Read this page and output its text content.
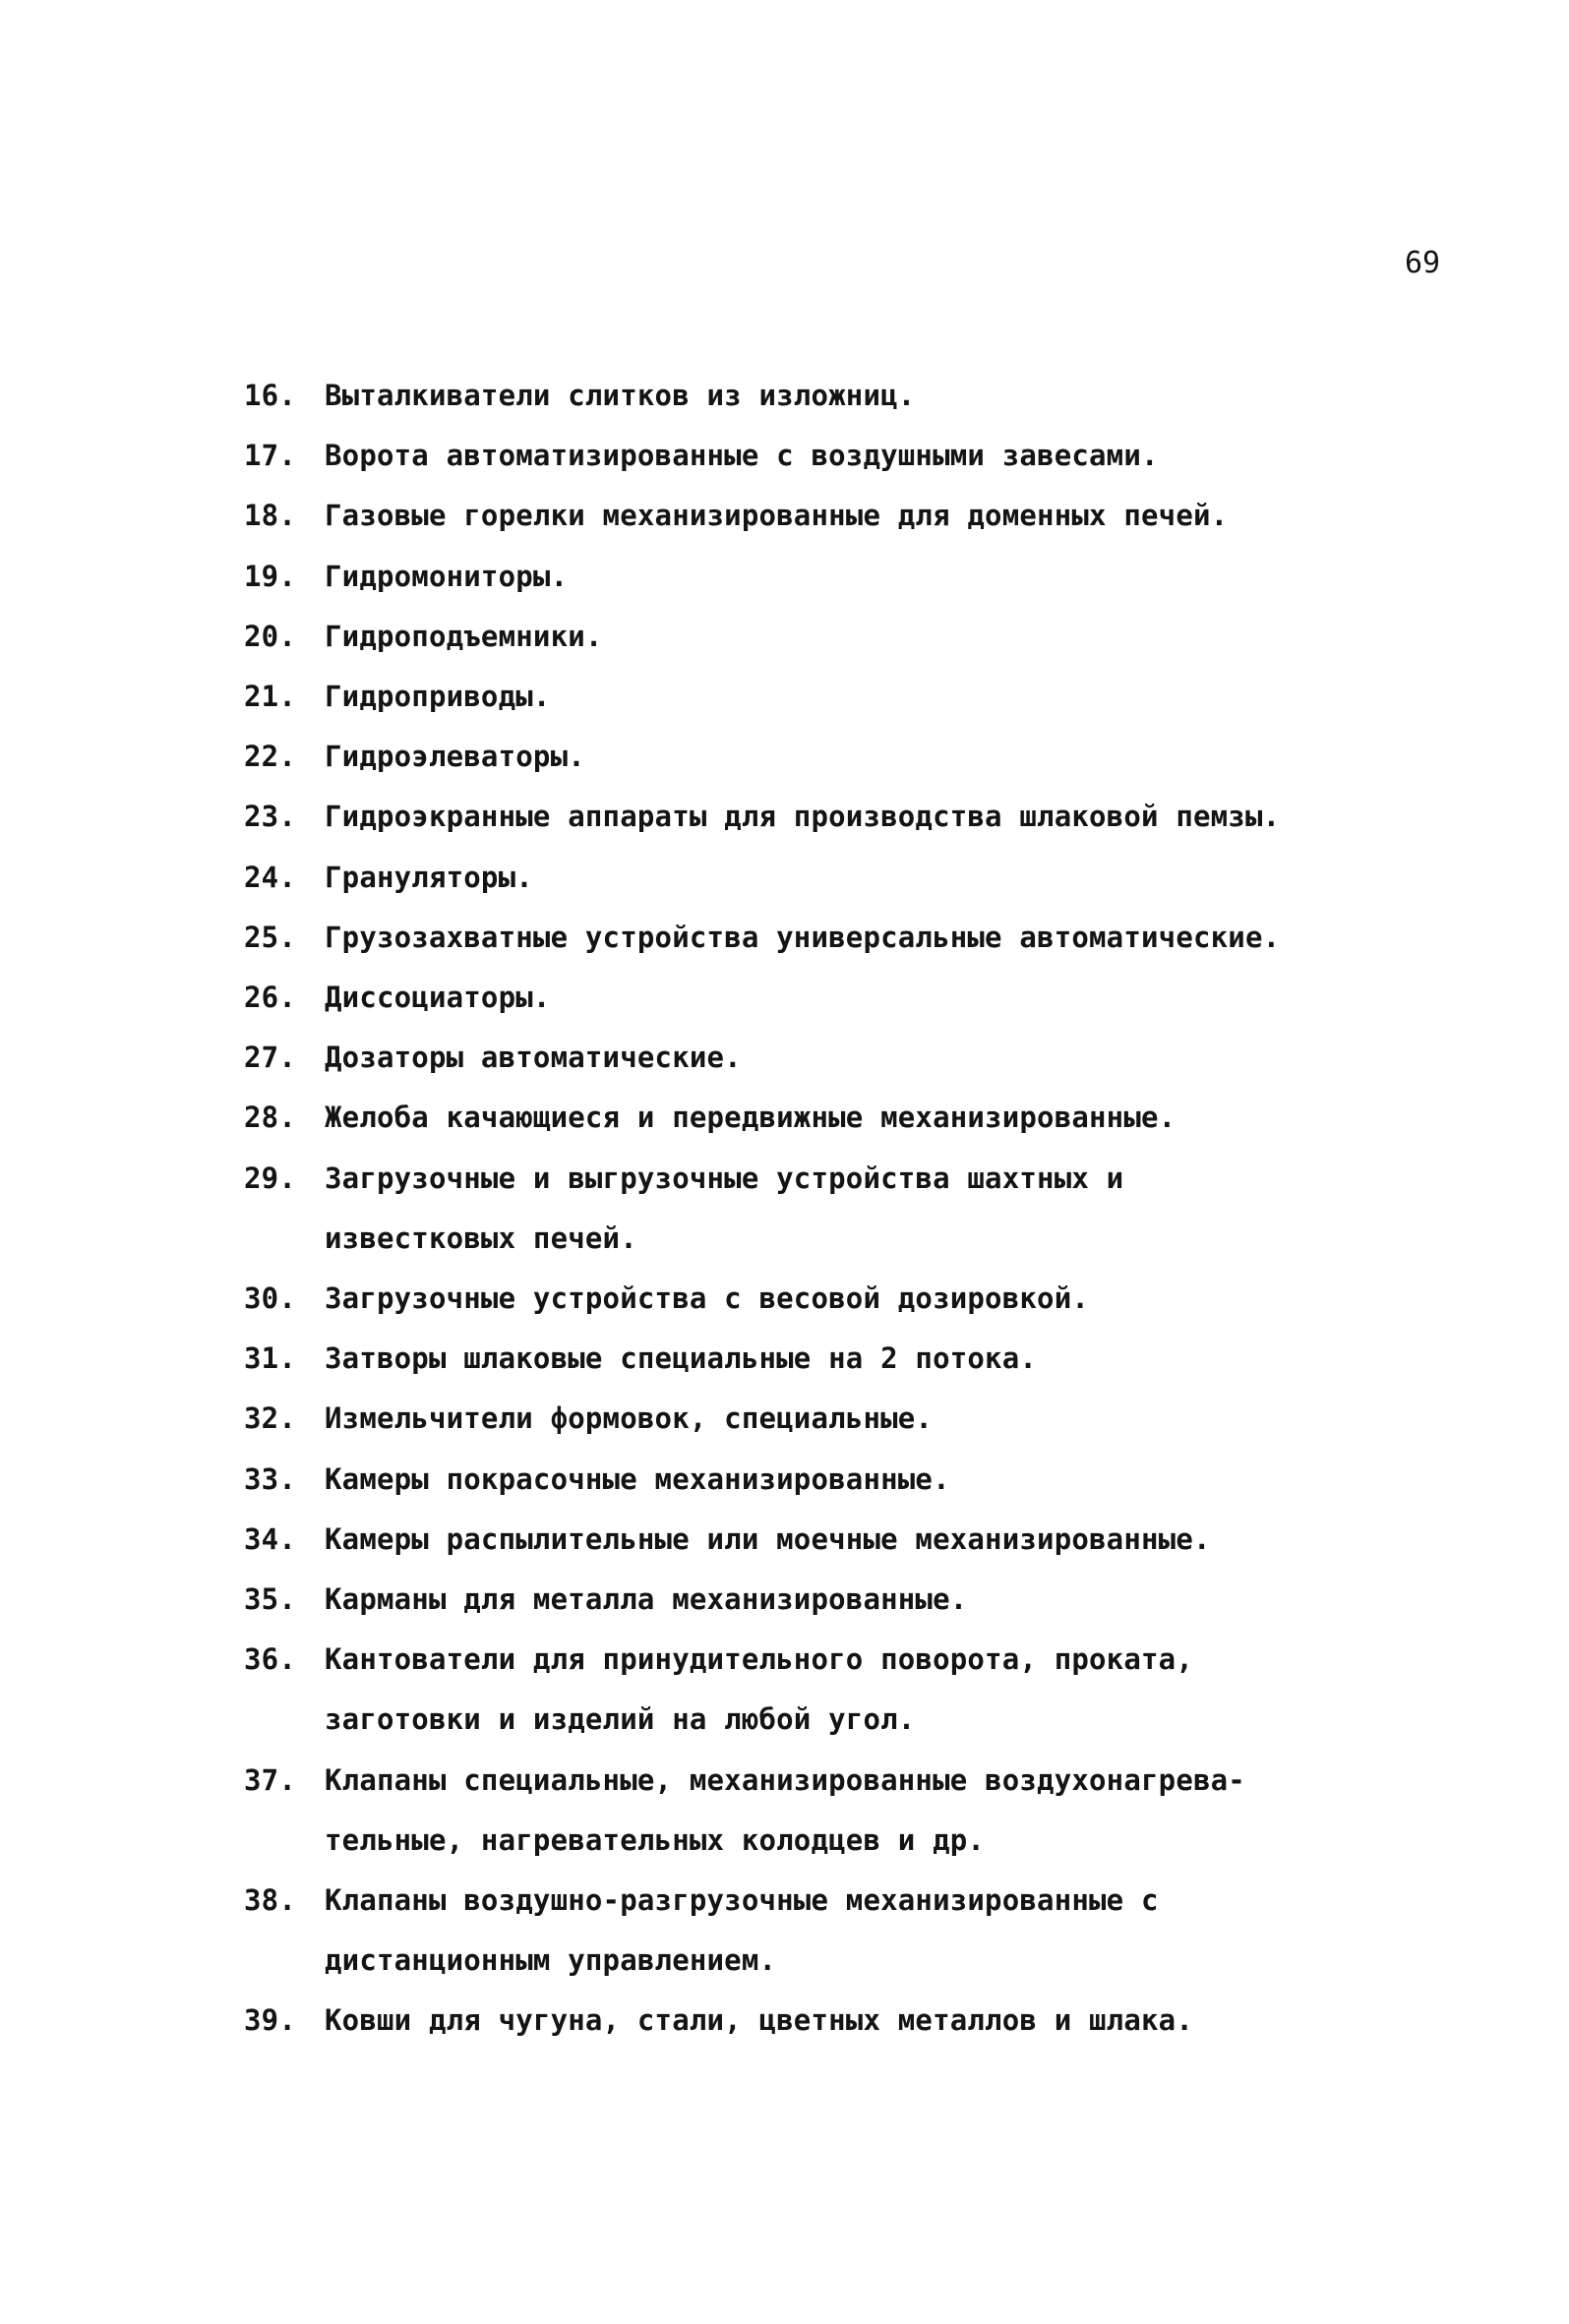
69
16.	Выталкиватели слитков из изложниц.
17.	Ворота автоматизированные с воздушными завесами.
18.	Газовые горелки механизированные для доменных печей.
19.	Гидромониторы.
20.	Гидроподъемники.
21.	Гидроприводы.
22.	Гидроэлеваторы.
23.	Гидроэкранные аппараты для производства шлаковой пемзы.
24.	Грануляторы.
25.	Грузозахватные устройства универсальные автоматические.
26.	Диссоциаторы.
27.	Дозаторы автоматические.
28.	Желоба качающиеся и передвижные механизированные.
29.	Загрузочные и выгрузочные устройства шахтных и
известковых печей.
30.	Загрузочные устройства с весовой дозировкой.
31.	Затворы шлаковые специальные на 2 потока.
32.	Измельчители формовок, специальные.
33.	Камеры покрасочные механизированные.
34.	Камеры распылительные или моечные механизированные.
35.	Карманы для металла механизированные.
36.	Кантователи для принудительного поворота, проката,
заготовки и изделий на любой угол.
37.	Клапаны специальные, механизированные воздухонагрева-
тельные, нагревательных колодцев и др.
38.	Клапаны воздушно-разгрузочные механизированные с
дистанционным управлением.
39.	Ковши для чугуна, стали, цветных металлов и шлака.
